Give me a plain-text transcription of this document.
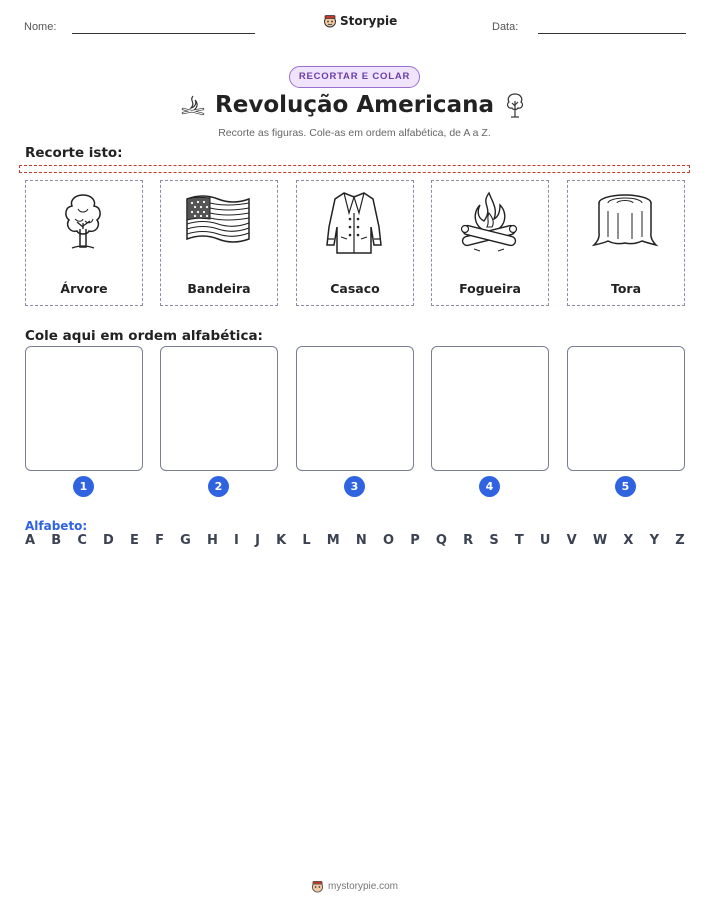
Nome:	Storypie	Data:
RECORTAR E COLAR
Revolução Americana
Recorte as figuras. Cole-as em ordem alfabética, de A a Z.
Recorte isto:
Árvore	Bandeira	Casaco	Fogueira	Tora
Cole aqui em ordem alfabética:
1	2	3	4	5
Alfabeto:
A B C D E F G H I J K L M N O P Q R S T U V W X Y Z
mystorypie.com
